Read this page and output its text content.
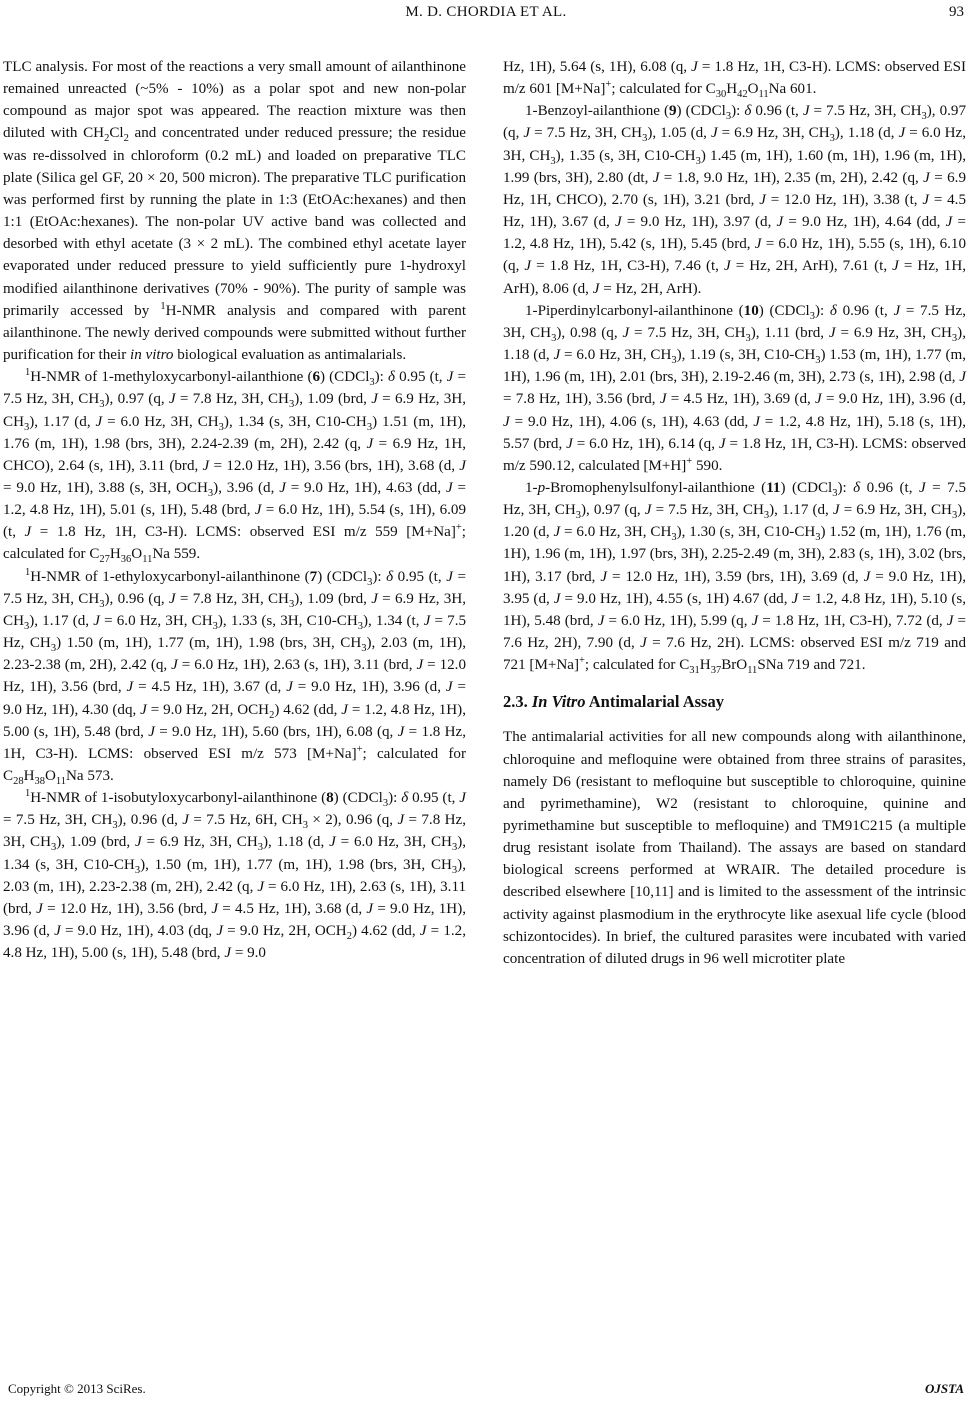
M. D. CHORDIA ET AL.	93

TLC analysis. For most of the reactions a very small amount of ailanthinone remained unreacted (~5% - 10%) as a polar spot and new non-polar compound as major spot was appeared. The reaction mixture was then diluted with $CH_2Cl_2$ and concentrated under reduced pressure; the residue was re-dissolved in chloroform (0.2 mL) and loaded on preparative TLC plate (Silica gel GF, 20 × 20, 500 micron). The preparative TLC purification was performed first by running the plate in 1:3 (EtOAc:hexanes) and then 1:1 (EtOAc:hexanes). The non-polar UV active band was collected and desorbed with ethyl acetate (3 × 2 mL). The combined ethyl acetate layer evaporated under reduced pressure to yield sufficiently pure 1-hydroxyl modified ailanthinone derivatives (70% - 90%). The purity of sample was primarily accessed by $^1$H-NMR analysis and compared with parent ailanthinone. The newly derived compounds were submitted without further purification for their in vitro biological evaluation as antimalarials.

$^1$H-NMR of 1-methyloxycarbonyl-ailanthione (6) (CDCl$_3$): δ 0.95 (t, J = 7.5 Hz, 3H, $CH_3$), 0.97 (q, J = 7.8 Hz, 3H, $CH_3$), 1.09 (brd, J = 6.9 Hz, 3H, $CH_3$), 1.17 (d, J = 6.0 Hz, 3H, $CH_3$), 1.34 (s, 3H, $C10-CH_3$) 1.51 (m, 1H), 1.76 (m, 1H), 1.98 (brs, 3H), 2.24-2.39 (m, 2H), 2.42 (q, J = 6.9 Hz, 1H, CHCO), 2.64 (s, 1H), 3.11 (brd, J = 12.0 Hz, 1H), 3.56 (brs, 1H), 3.68 (d, J = 9.0 Hz, 1H), 3.88 (s, 3H, $OCH_3$), 3.96 (d, J = 9.0 Hz, 1H), 4.63 (dd, J = 1.2, 4.8 Hz, 1H), 5.01 (s, 1H), 5.48 (brd, J = 6.0 Hz, 1H), 5.54 (s, 1H), 6.09 (t, J = 1.8 Hz, 1H, C3-H). LCMS: observed ESI m/z 559 [M+Na]+; calculated for $C_{27}H_{36}O_{11}Na$ 559.

$^1$H-NMR of 1-ethyloxycarbonyl-ailanthinone (7) (CDCl$_3$): δ 0.95 (t, J = 7.5 Hz, 3H, $CH_3$), 0.96 (q, J = 7.8 Hz, 3H, $CH_3$), 1.09 (brd, J = 6.9 Hz, 3H, $CH_3$), 1.17 (d, J = 6.0 Hz, 3H, $CH_3$), 1.33 (s, 3H, $C10-CH_3$), 1.34 (t, J = 7.5 Hz, $CH_3$) 1.50 (m, 1H), 1.77 (m, 1H), 1.98 (brs, 3H, $CH_3$), 2.03 (m, 1H), 2.23-2.38 (m, 2H), 2.42 (q, J = 6.0 Hz, 1H), 2.63 (s, 1H), 3.11 (brd, J = 12.0 Hz, 1H), 3.56 (brd, J = 4.5 Hz, 1H), 3.67 (d, J = 9.0 Hz, 1H), 3.96 (d, J = 9.0 Hz, 1H), 4.30 (dq, J = 9.0 Hz, 2H, $OCH_2$) 4.62 (dd, J = 1.2, 4.8 Hz, 1H), 5.00 (s, 1H), 5.48 (brd, J = 9.0 Hz, 1H), 5.60 (brs, 1H), 6.08 (q, J = 1.8 Hz, 1H, C3-H). LCMS: observed ESI m/z 573 [M+Na]+; calculated for $C_{28}H_{38}O_{11}Na$ 573.

$^1$H-NMR of 1-isobutyloxycarbonyl-ailanthinone (8) (CDCl$_3$): δ 0.95 (t, J = 7.5 Hz, 3H, $CH_3$), 0.96 (d, J = 7.5 Hz, 6H, $CH_3 \times 2$), 0.96 (q, J = 7.8 Hz, 3H, $CH_3$), 1.09 (brd, J = 6.9 Hz, 3H, $CH_3$), 1.18 (d, J = 6.0 Hz, 3H, $CH_3$), 1.34 (s, 3H, $C10-CH_3$), 1.50 (m, 1H), 1.77 (m, 1H), 1.98 (brs, 3H, $CH_3$), 2.03 (m, 1H), 2.23-2.38 (m, 2H), 2.42 (q, J = 6.0 Hz, 1H), 2.63 (s, 1H), 3.11 (brd, J = 12.0 Hz, 1H), 3.56 (brd, J = 4.5 Hz, 1H), 3.68 (d, J = 9.0 Hz, 1H), 3.96 (d, J = 9.0 Hz, 1H), 4.03 (dq, J = 9.0 Hz, 2H, $OCH_2$) 4.62 (dd, J = 1.2, 4.8 Hz, 1H), 5.00 (s, 1H), 5.48 (brd, J = 9.0

Hz, 1H), 5.64 (s, 1H), 6.08 (q, J = 1.8 Hz, 1H, C3-H). LCMS: observed ESI m/z 601 [M+Na]+; calculated for $C_{30}H_{42}O_{11}Na$ 601.

1-Benzoyl-ailanthione (9) (CDCl$_3$): δ 0.96 (t, J = 7.5 Hz, 3H, $CH_3$), 0.97 (q, J = 7.5 Hz, 3H, $CH_3$), 1.05 (d, J = 6.9 Hz, 3H, $CH_3$), 1.18 (d, J = 6.0 Hz, 3H, $CH_3$), 1.35 (s, 3H, $C10-CH_3$) 1.45 (m, 1H), 1.60 (m, 1H), 1.96 (m, 1H), 1.99 (brs, 3H), 2.80 (dt, J = 1.8, 9.0 Hz, 1H), 2.35 (m, 2H), 2.42 (q, J = 6.9 Hz, 1H, CHCO), 2.70 (s, 1H), 3.21 (brd, J = 12.0 Hz, 1H), 3.38 (t, J = 4.5 Hz, 1H), 3.67 (d, J = 9.0 Hz, 1H), 3.97 (d, J = 9.0 Hz, 1H), 4.64 (dd, J = 1.2, 4.8 Hz, 1H), 5.42 (s, 1H), 5.45 (brd, J = 6.0 Hz, 1H), 5.55 (s, 1H), 6.10 (q, J = 1.8 Hz, 1H, C3-H), 7.46 (t, J = Hz, 2H, ArH), 7.61 (t, J = Hz, 1H, ArH), 8.06 (d, J = Hz, 2H, ArH).

1-Piperdinylcarbonyl-ailanthinone (10) (CDCl$_3$): δ 0.96 (t, J = 7.5 Hz, 3H, $CH_3$), 0.98 (q, J = 7.5 Hz, 3H, $CH_3$), 1.11 (brd, J = 6.9 Hz, 3H, $CH_3$), 1.18 (d, J = 6.0 Hz, 3H, $CH_3$), 1.19 (s, 3H, $C10-CH_3$) 1.53 (m, 1H), 1.77 (m, 1H), 1.96 (m, 1H), 2.01 (brs, 3H), 2.19-2.46 (m, 3H), 2.73 (s, 1H), 2.98 (d, J = 7.8 Hz, 1H), 3.56 (brd, J = 4.5 Hz, 1H), 3.69 (d, J = 9.0 Hz, 1H), 3.96 (d, J = 9.0 Hz, 1H), 4.06 (s, 1H), 4.63 (dd, J = 1.2, 4.8 Hz, 1H), 5.18 (s, 1H), 5.57 (brd, J = 6.0 Hz, 1H), 6.14 (q, J = 1.8 Hz, 1H, C3-H). LCMS: observed m/z 590.12, calculated [M+H]+ 590.

1-p-Bromophenylsulfonyl-ailanthione (11) (CDCl$_3$): δ 0.96 (t, J = 7.5 Hz, 3H, $CH_3$), 0.97 (q, J = 7.5 Hz, 3H, $CH_3$), 1.17 (d, J = 6.9 Hz, 3H, $CH_3$), 1.20 (d, J = 6.0 Hz, 3H, $CH_3$), 1.30 (s, 3H, $C10-CH_3$) 1.52 (m, 1H), 1.76 (m, 1H), 1.96 (m, 1H), 1.97 (brs, 3H), 2.25-2.49 (m, 3H), 2.83 (s, 1H), 3.02 (brs, 1H), 3.17 (brd, J = 12.0 Hz, 1H), 3.59 (brs, 1H), 3.69 (d, J = 9.0 Hz, 1H), 3.95 (d, J = 9.0 Hz, 1H), 4.55 (s, 1H) 4.67 (dd, J = 1.2, 4.8 Hz, 1H), 5.10 (s, 1H), 5.48 (brd, J = 6.0 Hz, 1H), 5.99 (q, J = 1.8 Hz, 1H, C3-H), 7.72 (d, J = 7.6 Hz, 2H), 7.90 (d, J = 7.6 Hz, 2H). LCMS: observed ESI m/z 719 and 721 [M+Na]+; calculated for $C_{31}H_{37}BrO_{11}SNa$ 719 and 721.

2.3. In Vitro Antimalarial Assay

The antimalarial activities for all new compounds along with ailanthinone, chloroquine and mefloquine were obtained from three strains of parasites, namely D6 (resistant to mefloquine but susceptible to chloroquine, quinine and pyrimethamine), W2 (resistant to chloroquine, quinine and pyrimethamine but susceptible to mefloquine) and TM91C215 (a multiple drug resistant isolate from Thailand). The assays are based on standard biological screens performed at WRAIR. The detailed procedure is described elsewhere [10,11] and is limited to the assessment of the intrinsic activity against plasmodium in the erythrocyte like asexual life cycle (blood schizontocides). In brief, the cultured parasites were incubated with varied concentration of diluted drugs in 96 well microtiter plate

Copyright © 2013 SciRes.	OJSTA
